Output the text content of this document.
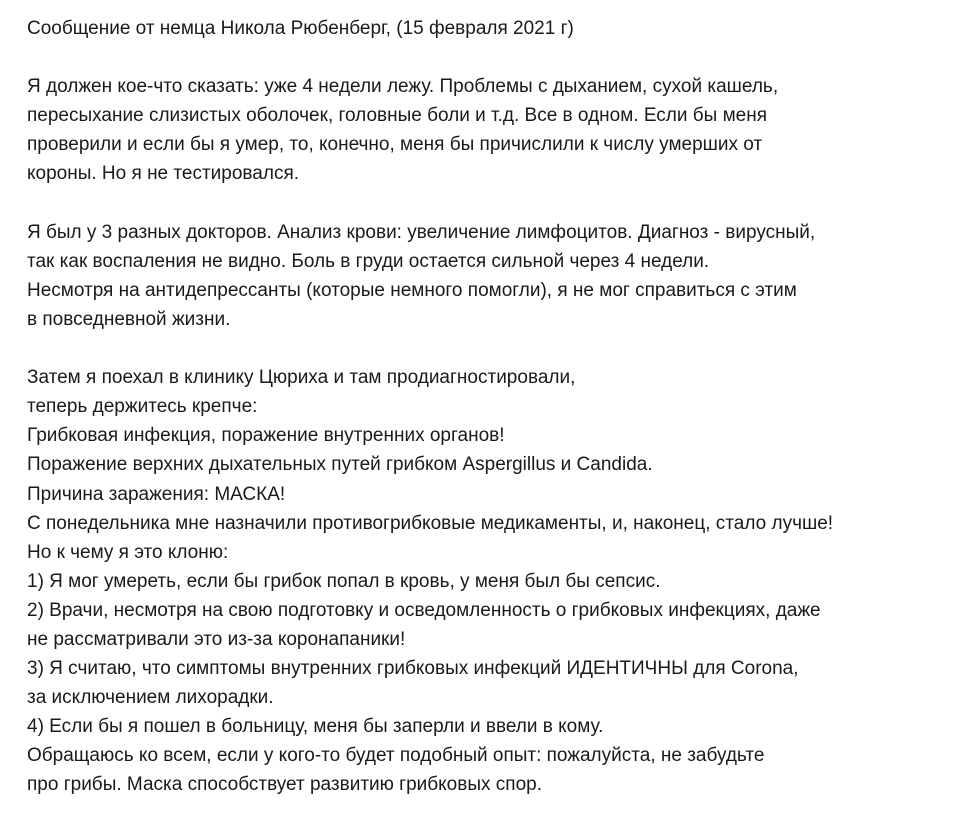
Сообщение от немца Никола Рюбенберг, (15 февраля 2021 г)
Я должен кое-что сказать: уже 4 недели лежу. Проблемы с дыханием, сухой кашель,
пересыхание слизистых оболочек, головные боли и т.д. Все в одном. Если бы меня
проверили и если бы я умер, то, конечно, меня бы причислили к числу умерших от
короны. Но я не тестировался.
Я был у 3 разных докторов. Анализ крови: увеличение лимфоцитов. Диагноз - вирусный,
так как воспаления не видно. Боль в груди остается сильной через 4 недели.
Несмотря на антидепрессанты (которые немного помогли), я не мог справиться с этим
в повседневной жизни.
Затем я поехал в клинику Цюриха и там продиагностировали,
теперь держитесь крепче:
Грибковая инфекция, поражение внутренних органов!
Поражение верхних дыхательных путей грибком Aspergillus и Candida.
Причина заражения: МАСКА!
С понедельника мне назначили противогрибковые медикаменты, и, наконец, стало лучше!
Но к чему я это клоню:
1) Я мог умереть, если бы грибок попал в кровь, у меня был бы сепсис.
2) Врачи, несмотря на свою подготовку и осведомленность о грибковых инфекциях, даже
не рассматривали это из-за коронапаники!
3) Я считаю, что симптомы внутренних грибковых инфекций ИДЕНТИЧНЫ для Corona,
за исключением лихорадки.
4) Если бы я пошел в больницу, меня бы заперли и ввели в кому.
Обращаюсь ко всем, если у кого-то будет подобный опыт: пожалуйста, не забудьте
про грибы. Маска способствует развитию грибковых спор.
